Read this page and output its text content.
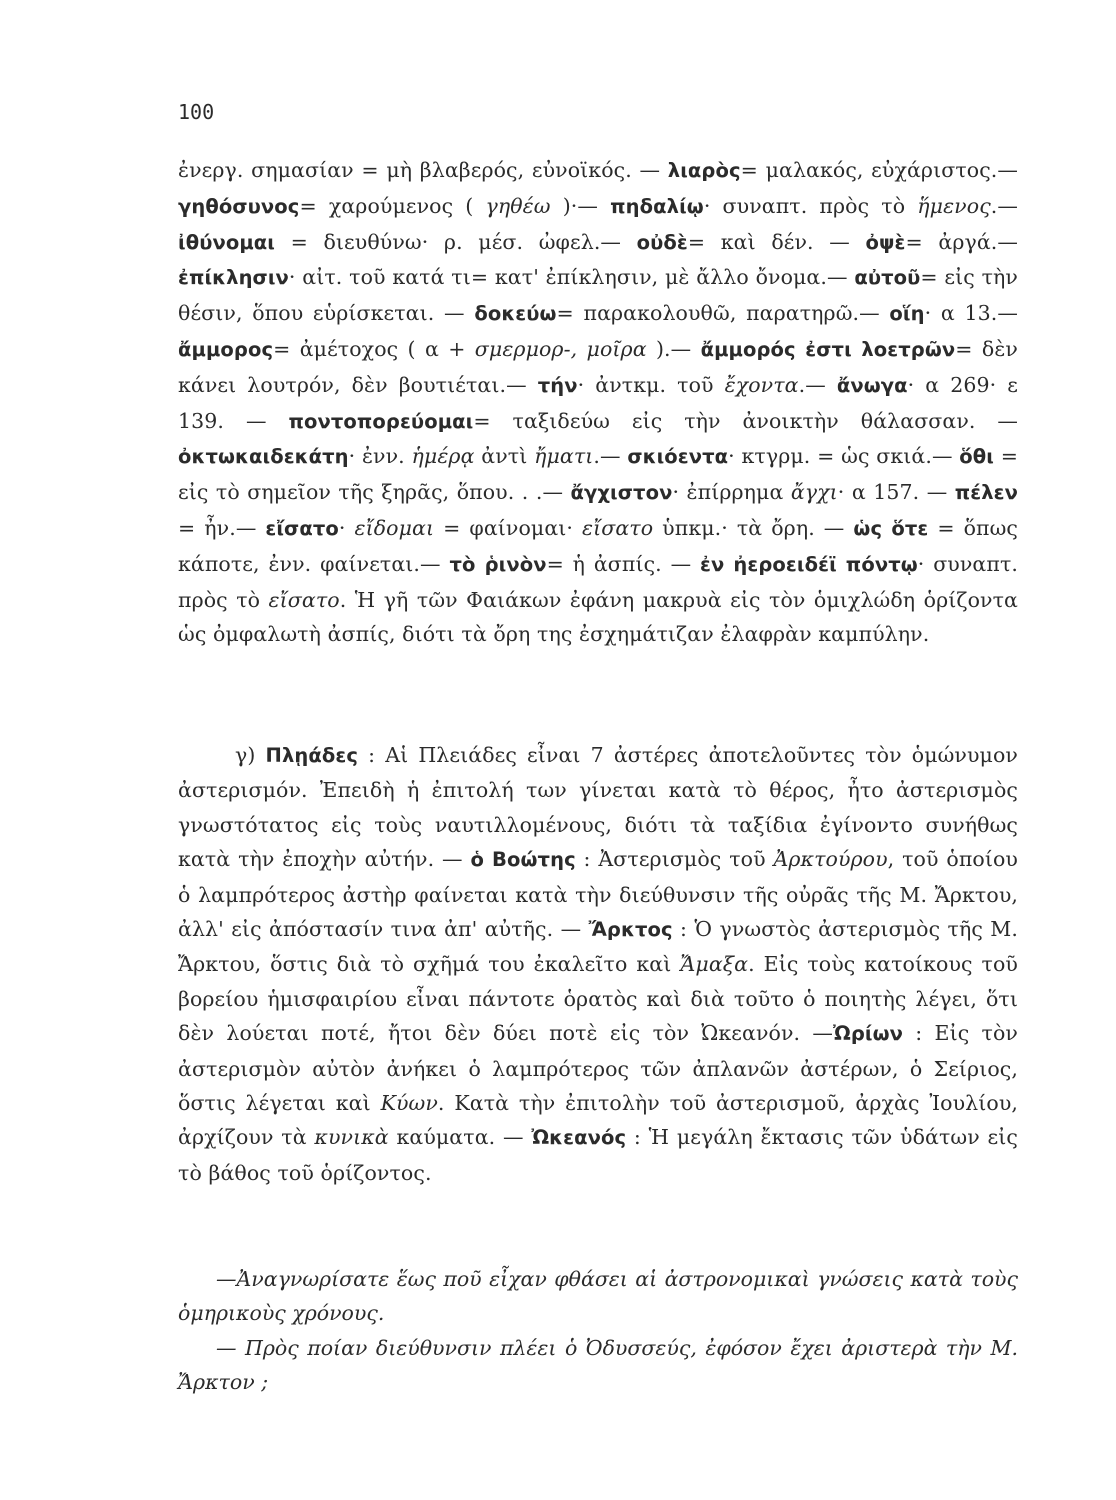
100
ἐνεργ. σημασίαν = μὴ βλαβερός, εὐνοϊκός. — λιαρὸς= μαλακός, εὐχάριστος.— γηθόσυνος= χαρούμενος ( γηθέω )·— πηδαλίῳ· συναπτ. πρὸς τὸ ἥμενος.— ἰθύνομαι = διευθύνω· ρ. μέσ. ὠφελ.— οὐδὲ= καὶ δέν. — ὀψὲ= ἀργά.— ἐπίκλησιν· αἰτ. τοῦ κατά τι= κατ' ἐπίκλησιν, μὲ ἄλλο ὄνομα.— αὐτοῦ= εἰς τὴν θέσιν, ὅπου εὑρίσκεται. — δοκεύω= παρακολουθῶ, παρατηρῶ.— οἵη· α 13.— ἄμμορος= ἀμέτοχος ( α + σμερμορ-, μοῖρα ).— ἄμμορός ἐστι λοετρῶν= δὲν κάνει λουτρόν, δὲν βουτιέται.— τήν· ἀντκμ. τοῦ ἔχοντα.— ἄνωγα· α 269· ε 139. — ποντοπορεύομαι= ταξιδεύω εἰς τὴν ἀνοικτὴν θάλασσαν. — ὀκτωκαιδεκάτη· ἐνν. ἡμέρᾳ ἀντὶ ἤματι.— σκιόεντα· κτγρμ. = ὡς σκιά.— ὅθι = εἰς τὸ σημεῖον τῆς ξηρᾶς, ὅπου. . .— ἄγχιστον· ἐπίρρημα ἄγχι· α 157. — πέλεν = ἦν.— εἴσατο· εἴδομαι = φαίνομαι· εἴσατο ὑπκμ.· τὰ ὄρη. — ὡς ὅτε = ὅπως κάποτε, ἐνν. φαίνεται.— τὸ ῥινὸν= ἡ ἀσπίς. — ἐν ἠεροειδέϊ πόντῳ· συναπτ. πρὸς τὸ εἴσατο. Ἡ γῆ τῶν Φαιάκων ἐφάνη μακρυὰ εἰς τὸν ὁμιχλώδη ὁρίζοντα ὡς ὀμφαλωτὴ ἀσπίς, διότι τὰ ὄρη της ἐσχημάτιζαν ἐλαφρὰν καμπύλην.
γ) Πλῃάδες : Αἱ Πλειάδες εἶναι 7 ἀστέρες ἀποτελοῦντες τὸν ὁμώνυμον ἀστερισμόν. Ἐπειδὴ ἡ ἐπιτολή των γίνεται κατὰ τὸ θέρος, ἦτο ἀστερισμὸς γνωστότατος εἰς τοὺς ναυτιλλομένους, διότι τὰ ταξίδια ἐγίνοντο συνήθως κατὰ τὴν ἐποχὴν αὐτήν. — ὁ Βοώτης : Ἀστερισμὸς τοῦ Ἀρκτούρου, τοῦ ὁποίου ὁ λαμπρότερος ἀστὴρ φαίνεται κατὰ τὴν διεύθυνσιν τῆς οὐρᾶς τῆς Μ. Ἄρκτου, ἀλλ' εἰς ἀπόστασίν τινα ἀπ' αὐτῆς. — Ἄρκτος : Ὁ γνωστὸς ἀστερισμὸς τῆς Μ. Ἄρκτου, ὅστις διὰ τὸ σχῆμά του ἐκαλεῖτο καὶ Ἄμαξα. Εἰς τοὺς κατοίκους τοῦ βορείου ἡμισφαιρίου εἶναι πάντοτε ὁρατὸς καὶ διὰ τοῦτο ὁ ποιητὴς λέγει, ὅτι δὲν λούεται ποτέ, ἤτοι δὲν δύει ποτὲ εἰς τὸν Ὠκεανόν. —Ὠρίων : Εἰς τὸν ἀστερισμὸν αὐτὸν ἀνήκει ὁ λαμπρότερος τῶν ἀπλανῶν ἀστέρων, ὁ Σείριος, ὅστις λέγεται καὶ Κύων. Κατὰ τὴν ἐπιτολὴν τοῦ ἀστερισμοῦ, ἀρχὰς Ἰουλίου, ἀρχίζουν τὰ κυνικὰ καύματα. — Ὠκεανός : Ἡ μεγάλη ἔκτασις τῶν ὑδάτων εἰς τὸ βάθος τοῦ ὁρίζοντος.
—Ἀναγνωρίσατε ἕως ποῦ εἶχαν φθάσει αἱ ἀστρονομικαὶ γνώσεις κατὰ τοὺς ὁμηρικοὺς χρόνους.
— Πρὸς ποίαν διεύθυνσιν πλέει ὁ Ὀδυσσεύς, ἐφόσον ἔχει ἀριστερὰ τὴν Μ. Ἄρκτον ;
